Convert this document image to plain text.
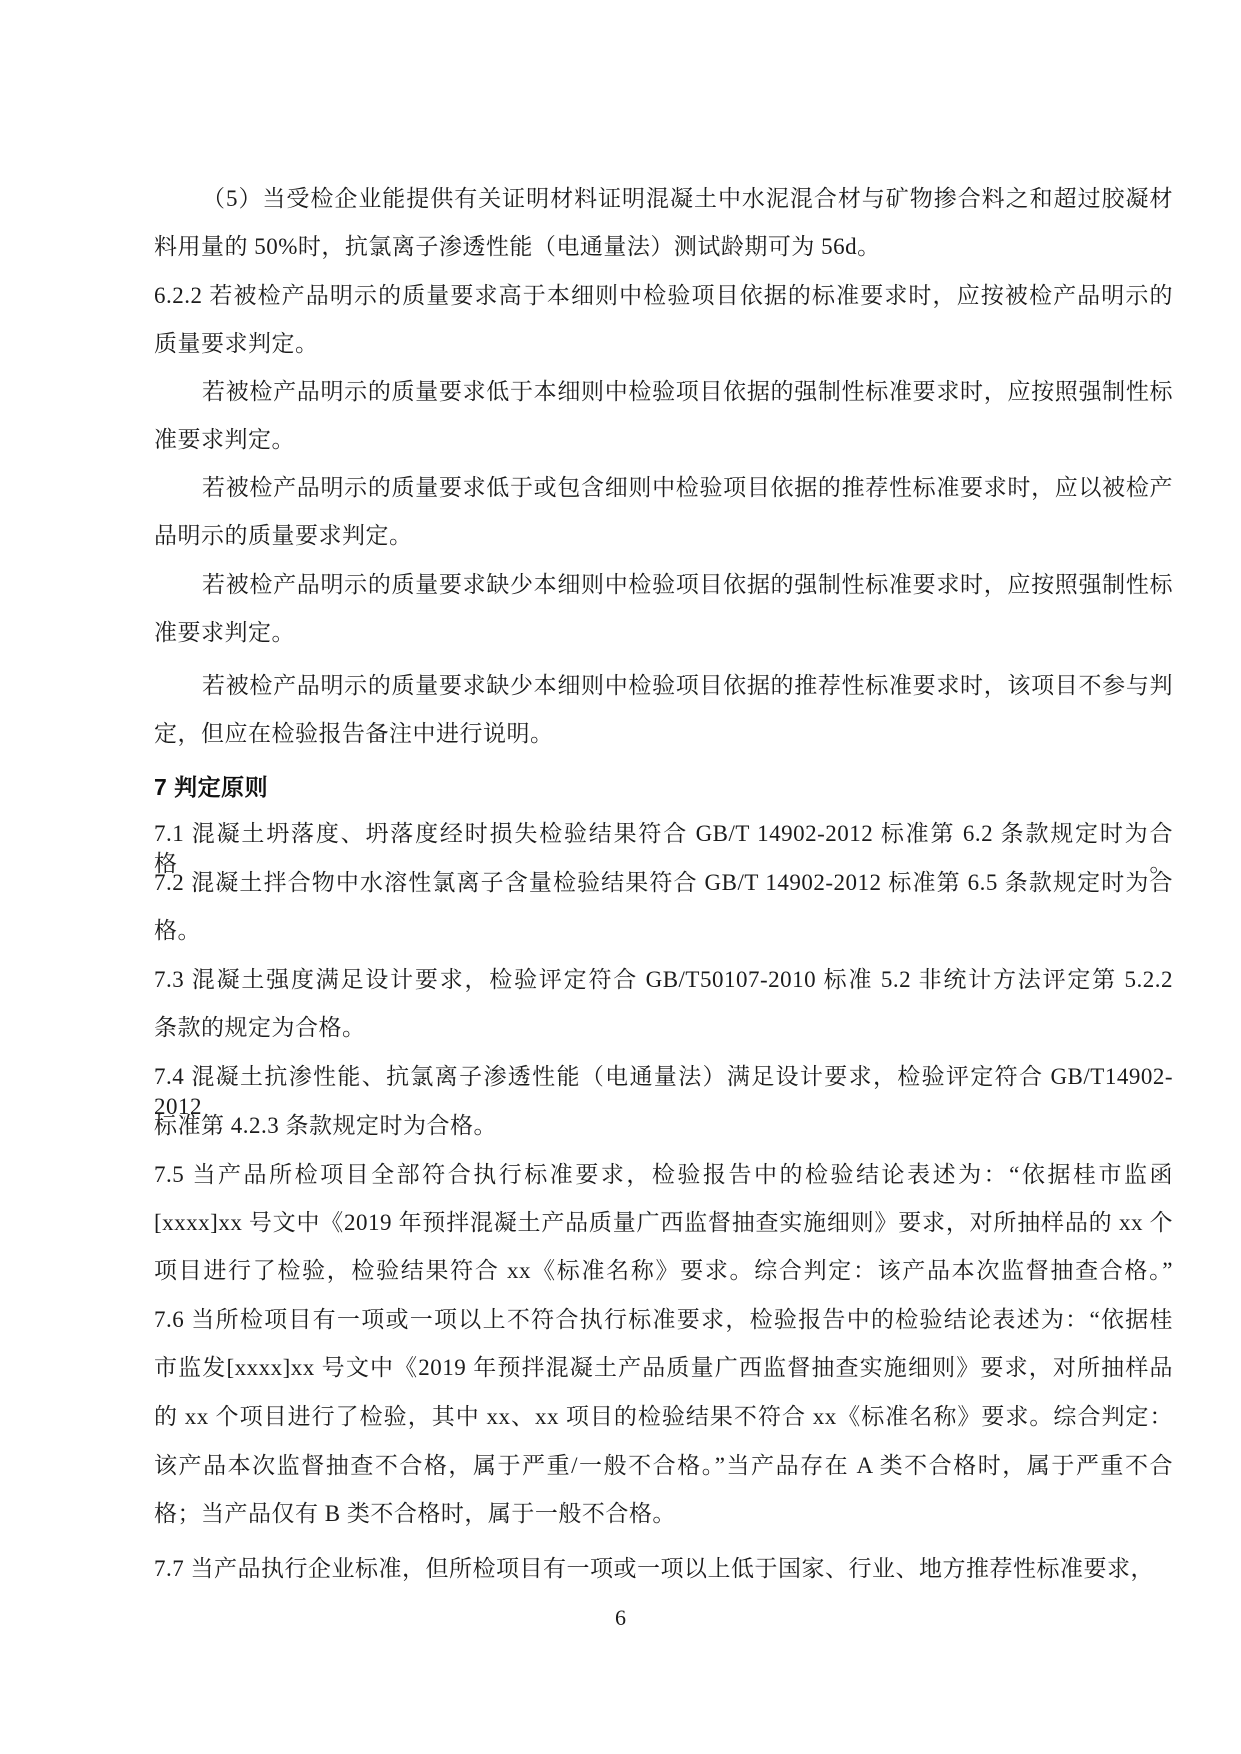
（5）当受检企业能提供有关证明材料证明混凝土中水泥混合材与矿物掺合料之和超过胶凝材
料用量的 50%时，抗氯离子渗透性能（电通量法）测试龄期可为 56d。
6.2.2 若被检产品明示的质量要求高于本细则中检验项目依据的标准要求时，应按被检产品明示的
质量要求判定。
若被检产品明示的质量要求低于本细则中检验项目依据的强制性标准要求时，应按照强制性标
准要求判定。
若被检产品明示的质量要求低于或包含细则中检验项目依据的推荐性标准要求时，应以被检产
品明示的质量要求判定。
若被检产品明示的质量要求缺少本细则中检验项目依据的强制性标准要求时，应按照强制性标
准要求判定。
若被检产品明示的质量要求缺少本细则中检验项目依据的推荐性标准要求时，该项目不参与判
定，但应在检验报告备注中进行说明。
7 判定原则
7.1 混凝土坍落度、坍落度经时损失检验结果符合 GB/T 14902-2012 标准第 6.2 条款规定时为合格。
7.2 混凝土拌合物中水溶性氯离子含量检验结果符合 GB/T 14902-2012 标准第 6.5 条款规定时为合
格。
7.3 混凝土强度满足设计要求，检验评定符合 GB/T50107-2010 标准 5.2 非统计方法评定第 5.2.2
条款的规定为合格。
7.4 混凝土抗渗性能、抗氯离子渗透性能（电通量法）满足设计要求，检验评定符合 GB/T14902-2012
标准第 4.2.3 条款规定时为合格。
7.5 当产品所检项目全部符合执行标准要求，检验报告中的检验结论表述为：“依据桂市监函
[xxxx]xx 号文中《2019 年预拌混凝土产品质量广西监督抽查实施细则》要求，对所抽样品的 xx 个
项目进行了检验，检验结果符合 xx《标准名称》要求。综合判定：该产品本次监督抽查合格。”
7.6 当所检项目有一项或一项以上不符合执行标准要求，检验报告中的检验结论表述为：“依据桂
市监发[xxxx]xx 号文中《2019 年预拌混凝土产品质量广西监督抽查实施细则》要求，对所抽样品
的 xx 个项目进行了检验，其中 xx、xx 项目的检验结果不符合 xx《标准名称》要求。综合判定：
该产品本次监督抽查不合格，属于严重/一般不合格。”当产品存在 A 类不合格时，属于严重不合
格；当产品仅有 B 类不合格时，属于一般不合格。
7.7 当产品执行企业标准，但所检项目有一项或一项以上低于国家、行业、地方推荐性标准要求，
6
